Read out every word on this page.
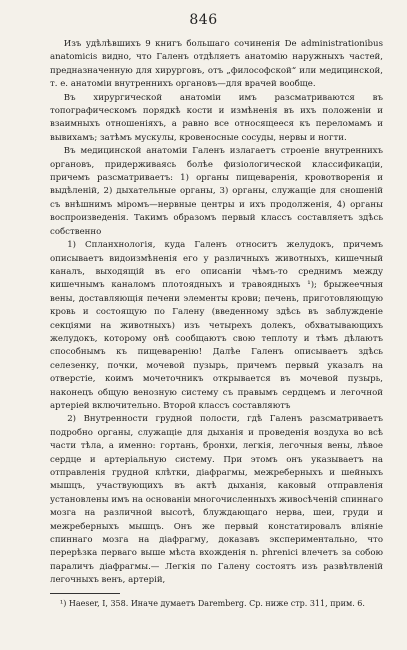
846

Изъ удѣлѣвшихъ 9 книгъ большаго сочиненія De administrationibus anatomicis видно, что Галенъ отдѣляетъ анатомію наружныхъ частей, предназначенную для хирурговъ, отъ „философской“ или медицинской, т. е. анатоміи внутреннихъ органовъ—для врачей вообще.

Въ хирургической анатоміи имъ разсматриваются въ топографическомъ порядкѣ кости и измѣненія въ ихъ положеніи и взаимныхъ отношеніяхъ, а равно все относящееся къ переломамъ и вывихамъ; затѣмъ мускулы, кровеносные сосуды, нервы и ногти.

Въ медицинской анатоміи Галенъ излагаетъ строеніе внутреннихъ органовъ, придерживаясь болѣе физіологической классификаціи, причемъ разсматриваетъ: 1) органы пищеваренія, кровотворенія и выдѣленій, 2) дыхательные органы, 3) органы, служащіе для сношеній съ внѣшнимъ міромъ—нервные центры и ихъ продолженія, 4) органы воспроизведенія. Такимъ образомъ первый классъ составляетъ здѣсь собственно

1) Спланхнологія, куда Галенъ относитъ желудокъ, причемъ описываетъ видоизмѣненія его у различныхъ животныхъ, кишечный каналъ, выходящій въ его описаніи чѣмъ-то среднимъ между кишечнымъ каналомъ плотоядныхъ и травоядныхъ ¹); брыжеечныя вены, доставляющія печени элементы крови; печень, приготовляющую кровь и состоящую по Галену (введенному здѣсь въ заблужденіе секціями на животныхъ) изъ четырехъ долекъ, обхватывающихъ желудокъ, которому онѣ сообщаютъ свою теплоту и тѣмъ дѣлаютъ способнымъ къ пищеваренію! Далѣе Галенъ описываетъ здѣсь селезенку, почки, мочевой пузырь, причемъ первый указалъ на отверстіе, коимъ мочеточникъ открывается въ мочевой пузырь, наконецъ общую венозную систему съ правымъ сердцемъ и легочной артеріей включительно. Второй классъ составляютъ

2) Внутренности грудной полости, гдѣ Галенъ разсматриваетъ подробно органы, служащіе для дыханія и проведенія воздуха во всѣ части тѣла, а именно: гортань, бронхи, легкія, легочныя вены, лѣвое сердце и артеріальную систему. При этомъ онъ указываетъ на отправленія грудной клѣтки, діафрагмы, межреберныхъ и шейныхъ мышцъ, участвующихъ въ актѣ дыханія, каковый отправленія установлены имъ на основаніи многочисленныхъ живосѣченій спиннаго мозга на различной высотѣ, блуждающаго нерва, шеи, груди и межреберныхъ мышцъ. Онъ же первый констатировалъ вліяніе спиннаго мозга на діафрагму, доказавъ экспериментально, что перерѣзка перваго выше мѣста вхожденія n. phrenici влечетъ за собою параличъ діафрагмы.— Легкія по Галену состоятъ изъ развѣтвленій легочныхъ венъ, артерій,

¹) Haeser, I, 358. Иначе думаетъ Daremberg. Ср. ниже стр. 311, прим. 6.
